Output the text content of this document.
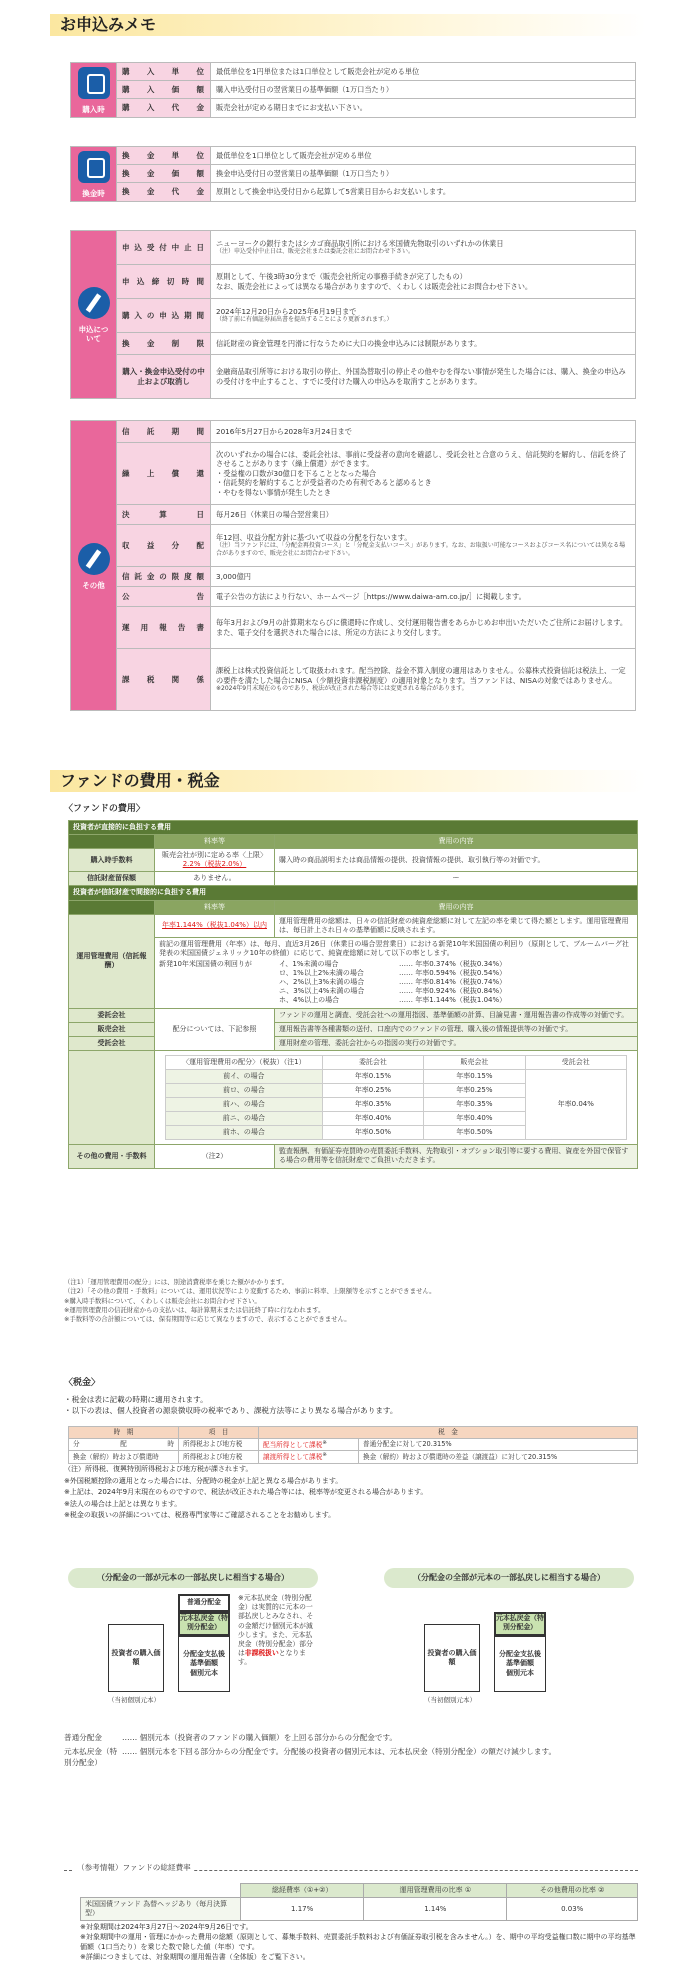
お申込みメモ

購入時	購入単位	最低単位を1円単位または1口単位として販売会社が定める単位
	購入価額	購入申込受付日の翌営業日の基準価額（1万口当たり）
	購入代金	販売会社が定める期日までにお支払い下さい。

換金時	換金単位	最低単位を1口単位として販売会社が定める単位
	換金価額	換金申込受付日の翌営業日の基準価額（1万口当たり）
	換金代金	原則として換金申込受付日から起算して5営業日目からお支払いします。

申込について	申込受付中止日	ニューヨークの銀行またはシカゴ商品取引所における米国債先物取引のいずれかの休業日
（注）申込受付中止日は、販売会社または委託会社にお問合わせ下さい。

	申込締切時間	原則として、午後3時30分まで（販売会社所定の事務手続きが完了したもの）
なお、販売会社によっては異なる場合がありますので、くわしくは販売会社にお問合わせ下さい。

	購入の申込期間	2024年12月20日から2025年6月19日まで
（終了前に有価証券届出書を提出することにより更新されます。）

	換金制限	信託財産の資金管理を円滑に行なうために大口の換金申込みには制限があります。
	購入・換金申込受付の中止および取消し	金融商品取引所等における取引の停止、外国為替取引の停止その他やむを得ない事情が発生した場合には、購入、換金の申込みの受付けを中止すること、すでに受付けた購入の申込みを取消すことがあります。

その他	信託期間	2016年5月27日から2028年3月24日まで
	繰上償還	次のいずれかの場合には、委託会社は、事前に受益者の意向を確認し、受託会社と合意のうえ、信託契約を解約し、信託を終了させることがあります（繰上償還）ができます。
・受益権の口数が30億口を下ることとなった場合
・信託契約を解約することが受益者のため有利であると認めるとき
・やむを得ない事情が発生したとき

	決算日	毎月26日（休業日の場合翌営業日）
	収益分配	年12回、収益分配方針に基づいて収益の分配を行ないます。
（注）当ファンドには、「分配金再投資コース」と「分配金支払いコース」があります。なお、お取扱い可能なコースおよびコース名については異なる場合がありますので、販売会社にお問合わせ下さい。

	信託金の限度額	3,000億円
	公告	電子公告の方法により行ない、ホームページ［https://www.daiwa-am.co.jp/］に掲載します。
	運用報告書	毎年3月および9月の計算期末ならびに償還時に作成し、交付運用報告書をあらかじめお申出いただいたご住所にお届けします。
また、電子交付を選択された場合には、所定の方法により交付します。

	課税関係	課税上は株式投資信託として取扱われます。配当控除、益金不算入制度の適用はありません。公募株式投資信託は税法上、一定の要件を満たした場合にNISA（少額投資非課税制度）の適用対象となります。当ファンドは、NISAの対象ではありません。
※2024年9月末現在のものであり、税法が改正された場合等には変更される場合があります。
ファンドの費用・税金
〈ファンドの費用〉
投資者が直接的に負担する費用
	料率等	費用の内容
購入時手数料	販売会社が別に定める率〈上限〉
2.2%（税抜2.0%）	購入時の商品説明または商品情報の提供、投資情報の提供、取引執行等の対価です。
信託財産留保額	ありません。	ー
投資者が信託財産で間接的に負担する費用
	料率等	費用の内容
運用管理費用（信託報酬）	年率1.144%（税抜1.04%）以内	運用管理費用の総額は、日々の信託財産の純資産総額に対して左記の率を乗じて得た額とします。運用管理費用は、毎日計上され日々の基準価額に反映されます。

前記の運用管理費用（年率）は、毎月、直近3月26日（休業日の場合翌営業日）における新発10年米国国債の利回り（原則として、ブルームバーグ社発表の米国国債ジェネリック10年の終値）に応じて、純資産総額に対して以下の率とします。
新発10年米国国債の利回りが	イ、1%未満の場合	…… 年率0.374%（税抜0.34%）
ロ、1%以上2%未満の場合	…… 年率0.594%（税抜0.54%）
ハ、2%以上3%未満の場合	…… 年率0.814%（税抜0.74%）
ニ、3%以上4%未満の場合	…… 年率0.924%（税抜0.84%）
ホ、4%以上の場合	…… 年率1.144%（税抜1.04%）

委託会社	配分については、下記参照	ファンドの運用と調査、受託会社への運用指図、基準価額の計算、目論見書・運用報告書の作成等の対価です。
販売会社	運用報告書等各種書類の送付、口座内でのファンドの管理、購入後の情報提供等の対価です。
受託会社	運用財産の管理、委託会社からの指図の実行の対価です。

〈運用管理費用の配分〉（税抜）（注1）	委託会社	販売会社	受託会社
前イ、の場合	年率0.15%	年率0.15%	年率0.04%
前ロ、の場合	年率0.25%	年率0.25%
前ハ、の場合	年率0.35%	年率0.35%
前ニ、の場合	年率0.40%	年率0.40%
前ホ、の場合	年率0.50%	年率0.50%

その他の費用・手数料	（注2）	監査報酬、有価証券売買時の売買委託手数料、先物取引・オプション取引等に要する費用、資産を外国で保管する場合の費用等を信託財産でご負担いただきます。
（注1）「運用管理費用の配分」には、別途消費税率を乗じた額がかかります。
（注2）「その他の費用・手数料」については、運用状況等により変動するため、事前に料率、上限額等を示すことができません。
※購入時手数料について、くわしくは販売会社にお問合わせ下さい。
※運用管理費用の信託財産からの支払いは、毎計算期末または信託終了時に行なわれます。
※手数料等の合計額については、保有期間等に応じて異なりますので、表示することができません。
〈税金〉
・税金は表に記載の時期に適用されます。
・以下の表は、個人投資者の源泉徴収時の税率であり、課税方法等により異なる場合があります。
時　期	項　目	税　金	
分配時	所得税および地方税	配当所得として課税※	普通分配金に対して20.315%
換金（解約）時および償還時	所得税および地方税	譲渡所得として課税※	換金（解約）時および償還時の差益（譲渡益）に対して20.315%
（注）所得税、復興特別所得税および地方税が課されます。
※外国税額控除の適用となった場合には、分配時の税金が上記と異なる場合があります。
※上記は、2024年9月末現在のものですので、税法が改正された場合等には、税率等が変更される場合があります。
※法人の場合は上記とは異なります。
※税金の取扱いの詳細については、税務専門家等にご確認されることをお勧めします。
（分配金の一部が元本の一部払戻しに相当する場合）
普通分配金
元本払戻金（特別分配金）
投資者の購入価額
（当初個別元本）
分配金支払後
基準価額
個別元本
※元本払戻金（特別分配金）は実質的に元本の一部払戻しとみなされ、その金額だけ個別元本が減少します。また、元本払戻金（特別分配金）部分は非課税扱いとなります。
（分配金の全部が元本の一部払戻しに相当する場合）
元本払戻金（特別分配金）
投資者の購入価額
（当初個別元本）
分配金支払後
基準価額
個別元本
普通分配金	…… 個別元本（投資者のファンドの購入価額）を上回る部分からの分配金です。
元本払戻金（特別分配金）
…… 個別元本を下回る部分からの分配金です。分配後の投資者の個別元本は、元本払戻金（特別分配金）の額だけ減少します。
（参考情報）ファンドの総経費率
	総経費率（①+②）	運用管理費用の比率 ①	その他費用の比率 ②
米国国債ファンド 為替ヘッジあり（毎月決算型）	1.17%	1.14%	0.03%
※対象期間は2024年3月27日～2024年9月26日です。
※対象期間中の運用・管理にかかった費用の総額（原則として、募集手数料、売買委託手数料および有価証券取引税を含みません。）を、期中の平均受益権口数に期中の平均基準価額（1口当たり）を乗じた数で除した値（年率）です。
※詳細につきましては、対象期間の運用報告書（全体版）をご覧下さい。
